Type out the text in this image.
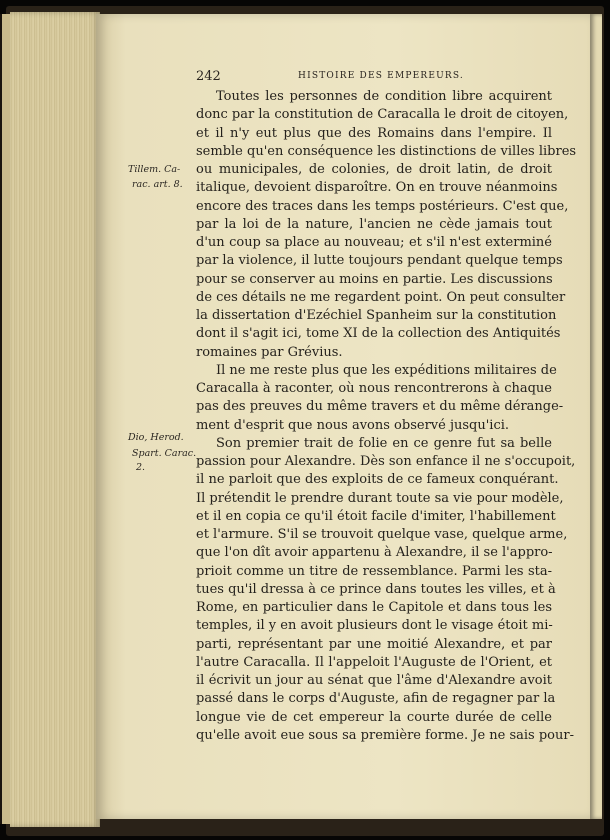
242	HISTOIRE DES EMPEREURS.
Tillem. Ca-
rac. art. 8.
Dio, Herod.
Spart. Carac.
2.
Toutes les personnes de condition libre acquirent
donc par la constitution de Caracalla le droit de citoyen,
et il n'y eut plus que des Romains dans l'empire. Il
semble qu'en conséquence les distinctions de villes libres
ou municipales, de colonies, de droit latin, de droit
italique, devoient disparoître. On en trouve néanmoins
encore des traces dans les temps postérieurs. C'est que,
par la loi de la nature, l'ancien ne cède jamais tout
d'un coup sa place au nouveau; et s'il n'est exterminé
par la violence, il lutte toujours pendant quelque temps
pour se conserver au moins en partie. Les discussions
de ces détails ne me regardent point. On peut consulter
la dissertation d'Ezéchiel Spanheim sur la constitution
dont il s'agit ici, tome XI de la collection des Antiquités
romaines par Grévius.
Il ne me reste plus que les expéditions militaires de
Caracalla à raconter, où nous rencontrerons à chaque
pas des preuves du même travers et du même dérange-
ment d'esprit que nous avons observé jusqu'ici.
Son premier trait de folie en ce genre fut sa belle
passion pour Alexandre. Dès son enfance il ne s'occupoit,
il ne parloit que des exploits de ce fameux conquérant.
Il prétendit le prendre durant toute sa vie pour modèle,
et il en copia ce qu'il étoit facile d'imiter, l'habillement
et l'armure. S'il se trouvoit quelque vase, quelque arme,
que l'on dît avoir appartenu à Alexandre, il se l'appro-
prioit comme un titre de ressemblance. Parmi les sta-
tues qu'il dressa à ce prince dans toutes les villes, et à
Rome, en particulier dans le Capitole et dans tous les
temples, il y en avoit plusieurs dont le visage étoit mi-
parti, représentant par une moitié Alexandre, et par
l'autre Caracalla. Il l'appeloit l'Auguste de l'Orient, et
il écrivit un jour au sénat que l'âme d'Alexandre avoit
passé dans le corps d'Auguste, afin de regagner par la
longue vie de cet empereur la courte durée de celle
qu'elle avoit eue sous sa première forme. Je ne sais pour-
